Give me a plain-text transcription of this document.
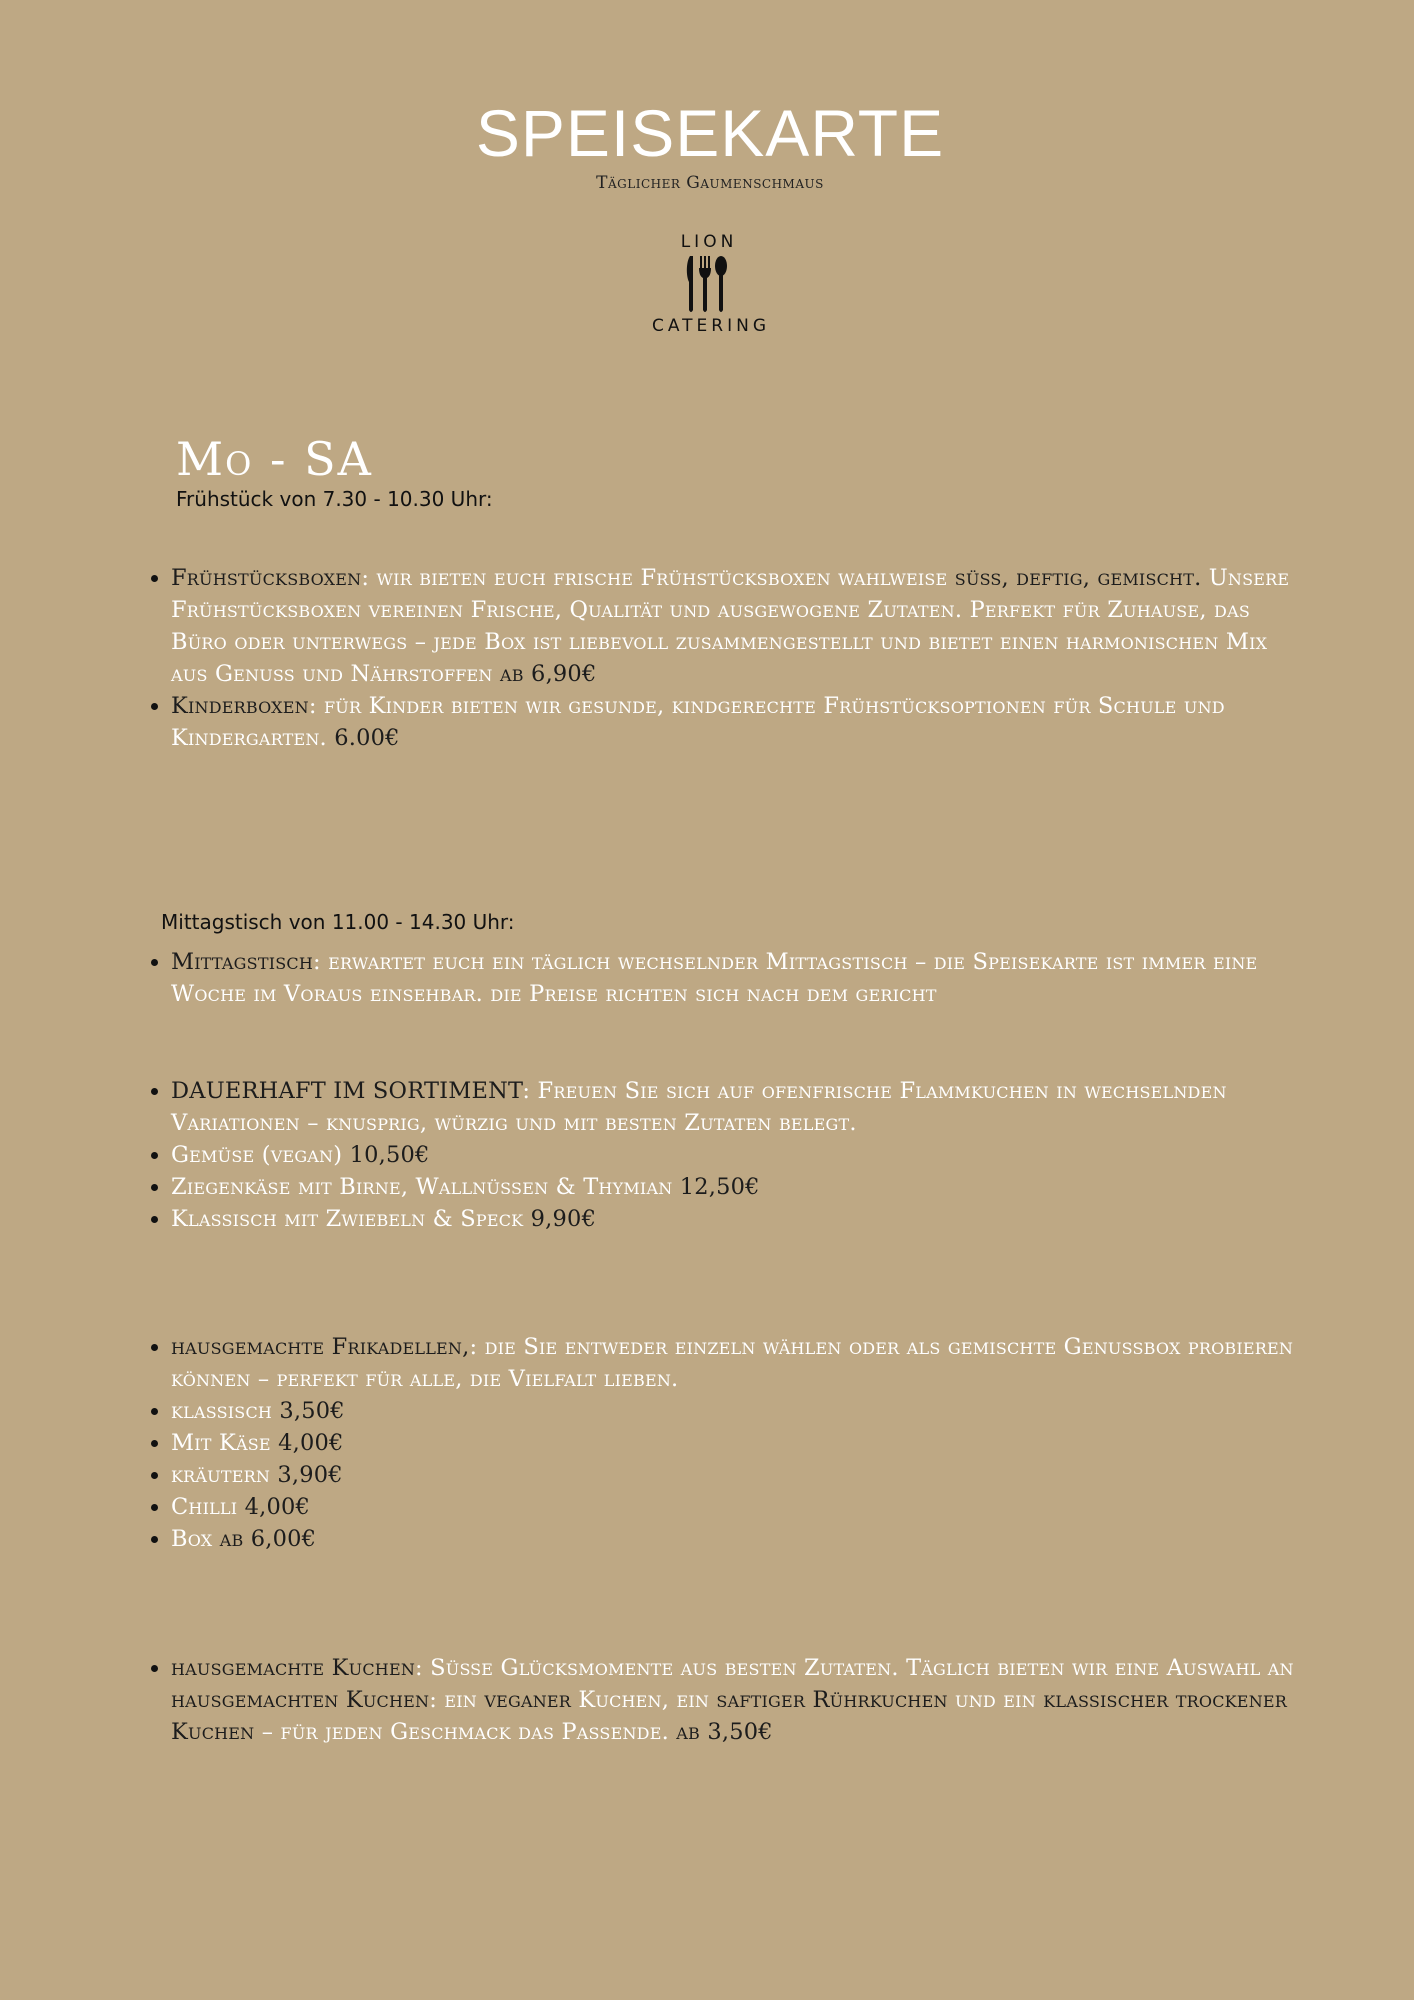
SPEISEKARTE
Täglicher Gaumenschmaus
LION
CATERING
Mo - SA
Frühstück von 7.30 - 10.30 Uhr:
• Frühstücksboxen: wir bieten euch frische Frühstücksboxen wahlweise süß, deftig, gemischt. Unsere Frühstücksboxen vereinen Frische, Qualität und ausgewogene Zutaten. Perfekt für Zuhause, das Büro oder unterwegs – jede Box ist liebevoll zusammengestellt und bietet einen harmonischen Mix aus Genuss und Nährstoffen ab 6,90€
• Kinderboxen: für Kinder bieten wir gesunde, kindgerechte Frühstücksoptionen für Schule und Kindergarten. 6.00€
Mittagstisch von 11.00 - 14.30 Uhr:
• Mittagstisch: erwartet euch ein täglich wechselnder Mittagstisch – die Speisekarte ist immer eine Woche im Voraus einsehbar. die Preise richten sich nach dem gericht
• DAUERHAFT IM SORTIMENT: Freuen Sie sich auf ofenfrische Flammkuchen in wechselnden Variationen – knusprig, würzig und mit besten Zutaten belegt.
• Gemüse (vegan) 10,50€
• Ziegenkäse mit Birne, Wallnüssen & Thymian 12,50€
• Klassisch mit Zwiebeln & Speck 9,90€
• hausgemachte Frikadellen,: die Sie entweder einzeln wählen oder als gemischte Genussbox probieren können – perfekt für alle, die Vielfalt lieben.
• klassisch 3,50€
• Mit Käse 4,00€
• kräutern 3,90€
• Chilli 4,00€
• Box ab 6,00€
• hausgemachte Kuchen: Süße Glücksmomente aus besten Zutaten. Täglich bieten wir eine Auswahl an hausgemachten Kuchen: ein veganer Kuchen, ein saftiger Rührkuchen und ein klassischer trockener Kuchen – für jeden Geschmack das Passende. ab 3,50€
